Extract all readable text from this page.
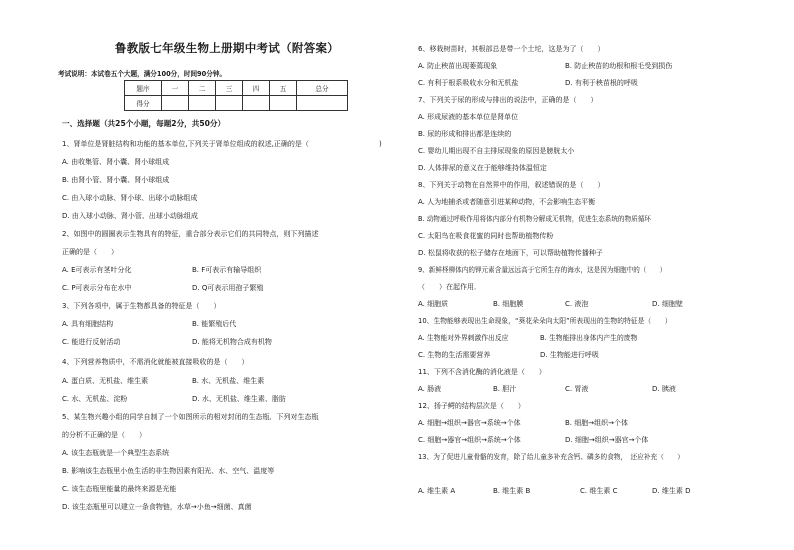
鲁教版七年级生物上册期中考试（附答案）
考试说明：本试卷五个大题，满分100分，时间90分钟。
题序	一	二	三	四	五	总分
得分						
一、选择题（共25个小题，每题2分，共50分）
1、肾单位是肾脏结构和功能的基本单位,下列关于肾单位组成的叙述,正确的是（	)
A. 由收集管、肾小囊、肾小球组成
B. 由肾小管、肾小囊、肾小球组成
C. 由入球小动脉、肾小球、出球小动脉组成
D. 由入球小动脉、肾小管、出球小动脉组成
2、如图中的圆圈表示生物具有的特征，重合部分表示它们的共同特点，则下列描述
正确的是（　　）
A. E可表示有茎叶分化	B. F可表示有输导组织
C. P可表示分布在水中	D. Q可表示用孢子繁殖
3、下列各项中，属于生物都具备的特征是（　　）
A. 具有细胞结构	B. 能繁殖后代
C. 能进行反射活动	D. 能将无机物合成有机物
4、下列营养物质中，不需消化就能被直接吸收的是（　　）
A. 蛋白质、无机盐、维生素	B. 水、无机盐、维生素
C. 水、无机盐、淀粉	D. 水、无机盐、维生素、脂肪
5、某生物兴趣小组的同学自制了一个如图所示的相对封闭的生态瓶．下列对生态瓶
的分析不正确的是（　　）
A. 该生态瓶就是一个典型生态系统
B. 影响该生态瓶里小鱼生活的非生物因素有阳光、水、空气、温度等
C. 该生态瓶里能量的最终来源是光能
D. 该生态瓶里可以建立一条食物链，水草→小鱼→细菌、真菌
6、移栽树苗时，其根部总是带一个土坨，这是为了（　　）
A. 防止秧苗出现萎蔫现象	B. 防止秧苗的幼根和根毛受到损伤
C. 有利于根系吸收水分和无机盐	D. 有利于秧苗根的呼吸
7、下列关于尿的形成与排出的说法中，正确的是（　　）
A. 形成尿液的基本单位是肾单位
B. 尿的形成和排出都是连续的
C. 婴幼儿期出现不自主排尿现象的原因是膀胱太小
D. 人体排尿的意义在于能够维持体温恒定
8、下列关于动物在自然界中的作用，叙述错误的是（　　）
A. 人为地捕杀或者随意引进某种动物，不会影响生态平衡
B. 动物通过呼吸作用将体内部分有机物分解成无机物，促进生态系统的物质循环
C. 太阳鸟在吸食花蜜的同时也帮助植物传粉
D. 松鼠将收获的松子储存在地面下，可以帮助植物传播种子
9、新鲜柽柳体内的钾元素含量远远高于它所生存的海水，这是因为细胞中的（　　）
（　　）在起作用．
A. 细胞质	B. 细胞膜	C. 液泡	D. 细胞壁
10、生物能够表现出生命现象，“葵花朵朵向太阳”所表现出的生物的特征是（　　）
A. 生物能对外界刺激作出反应	B. 生物能排出身体内产生的废物
C. 生物的生活需要营养	D. 生物能进行呼吸
11、下列不含消化酶的消化液是（　　）
A. 肠液	B. 胆汁	C. 胃液	D. 胰液
12、扬子鳄的结构层次是（　　）
A. 细胞→组织→器官→系统→个体	B. 细胞→组织→个体
C. 细胞→器官→组织→系统→个体	D. 细胞→组织→器官→个体
13、为了促进儿童骨骼的发育，除了给儿童多补充含钙、磷多的食物，　还应补充（　　）
A. 维生素 A	B. 维生素 B	C. 维生素 C	D. 维生素 D
